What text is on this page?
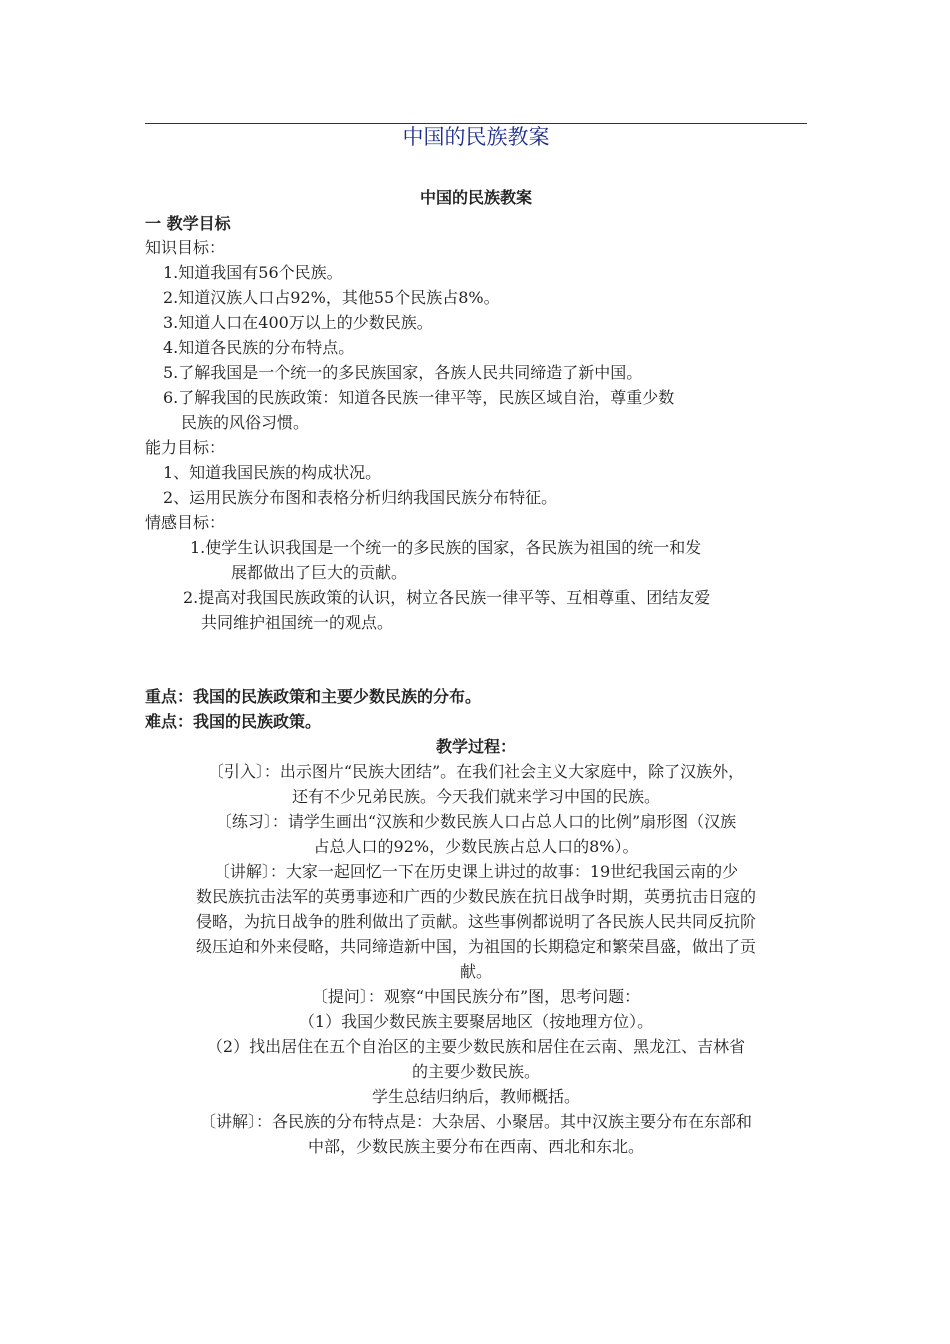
中国的民族教案
中国的民族教案
一 教学目标
知识目标：
1.知道我国有56个民族。
2.知道汉族人口占92%，其他55个民族占8%。
3.知道人口在400万以上的少数民族。
4.知道各民族的分布特点。
5.了解我国是一个统一的多民族国家，各族人民共同缔造了新中国。
6.了解我国的民族政策：知道各民族一律平等，民族区域自治，尊重少数
民族的风俗习惯。
能力目标：
1、知道我国民族的构成状况。
2、运用民族分布图和表格分析归纳我国民族分布特征。
情感目标：
1.使学生认识我国是一个统一的多民族的国家，各民族为祖国的统一和发
展都做出了巨大的贡献。
2.提高对我国民族政策的认识，树立各民族一律平等、互相尊重、团结友爱
共同维护祖国统一的观点。
重点：我国的民族政策和主要少数民族的分布。
难点：我国的民族政策。
教学过程：
〔引入〕：出示图片“民族大团结”。在我们社会主义大家庭中，除了汉族外，
还有不少兄弟民族。今天我们就来学习中国的民族。
〔练习〕：请学生画出“汉族和少数民族人口占总人口的比例”扇形图（汉族
占总人口的92%，少数民族占总人口的8%）。
〔讲解〕：大家一起回忆一下在历史课上讲过的故事：19世纪我国云南的少
数民族抗击法军的英勇事迹和广西的少数民族在抗日战争时期，英勇抗击日寇的
侵略，为抗日战争的胜利做出了贡献。这些事例都说明了各民族人民共同反抗阶
级压迫和外来侵略，共同缔造新中国，为祖国的长期稳定和繁荣昌盛，做出了贡
献。
〔提问〕：观察“中国民族分布”图，思考问题：
（1）我国少数民族主要聚居地区（按地理方位）。
（2）找出居住在五个自治区的主要少数民族和居住在云南、黑龙江、吉林省
的主要少数民族。
学生总结归纳后，教师概括。
〔讲解〕：各民族的分布特点是：大杂居、小聚居。其中汉族主要分布在东部和
中部，少数民族主要分布在西南、西北和东北。
